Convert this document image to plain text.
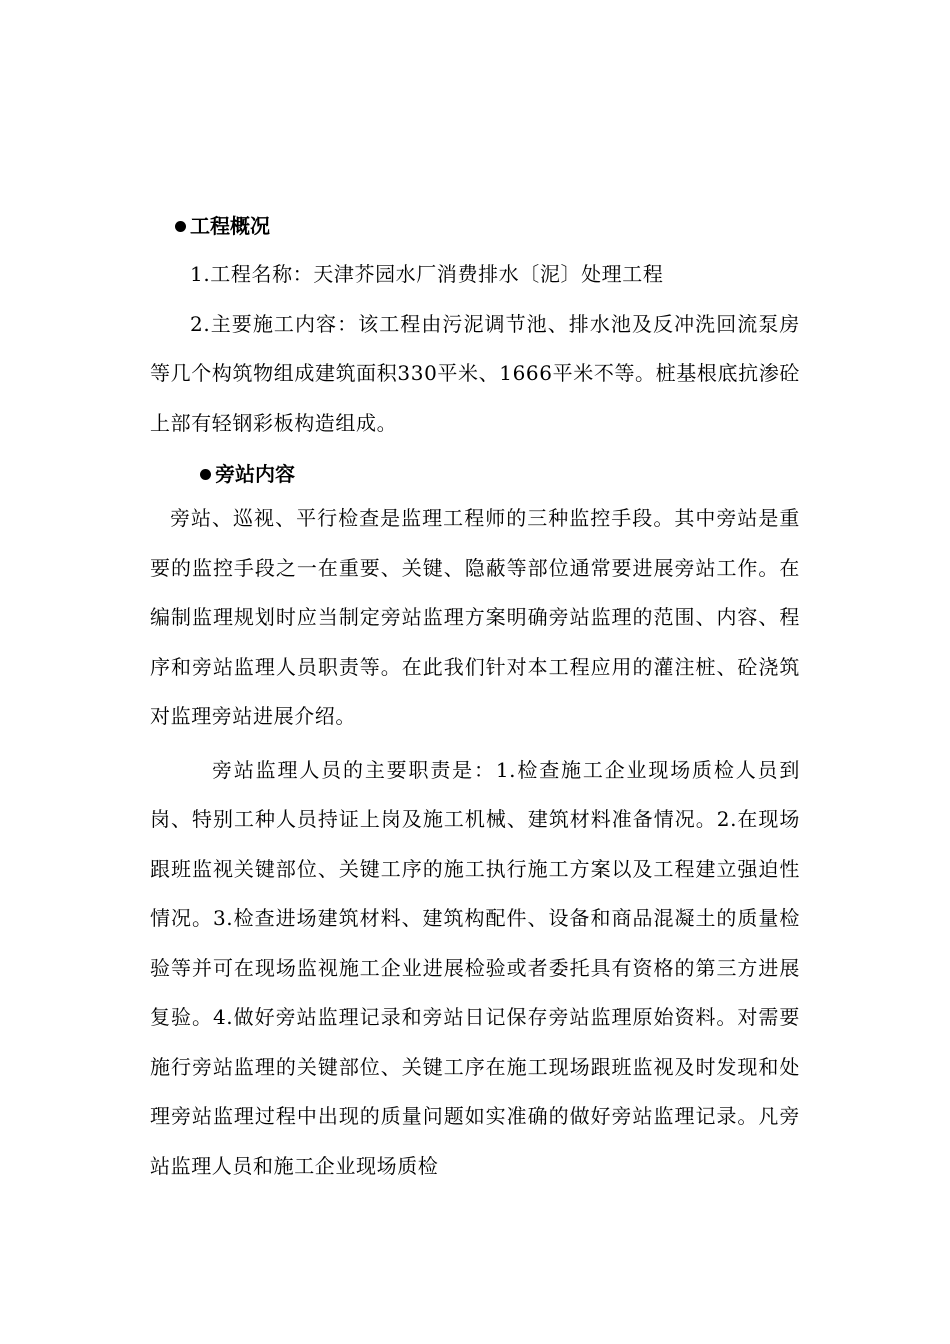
工程概况

1.工程名称：天津芥园水厂消费排水〔泥〕处理工程

2.主要施工内容：该工程由污泥调节池、排水池及反冲洗回流泵房等几个构筑物组成建筑面积330平米、1666平米不等。桩基根底抗渗砼上部有轻钢彩板构造组成。

旁站内容

旁站、巡视、平行检查是监理工程师的三种监控手段。其中旁站是重要的监控手段之一在重要、关键、隐蔽等部位通常要进展旁站工作。在编制监理规划时应当制定旁站监理方案明确旁站监理的范围、内容、程序和旁站监理人员职责等。在此我们针对本工程应用的灌注桩、砼浇筑对监理旁站进展介绍。

旁站监理人员的主要职责是：1.检查施工企业现场质检人员到岗、特别工种人员持证上岗及施工机械、建筑材料准备情况。2.在现场跟班监视关键部位、关键工序的施工执行施工方案以及工程建立强迫性情况。3.检查进场建筑材料、建筑构配件、设备和商品混凝土的质量检验等并可在现场监视施工企业进展检验或者委托具有资格的第三方进展复验。4.做好旁站监理记录和旁站日记保存旁站监理原始资料。对需要施行旁站监理的关键部位、关键工序在施工现场跟班监视及时发现和处理旁站监理过程中出现的质量问题如实准确的做好旁站监理记录。凡旁站监理人员和施工企业现场质检
